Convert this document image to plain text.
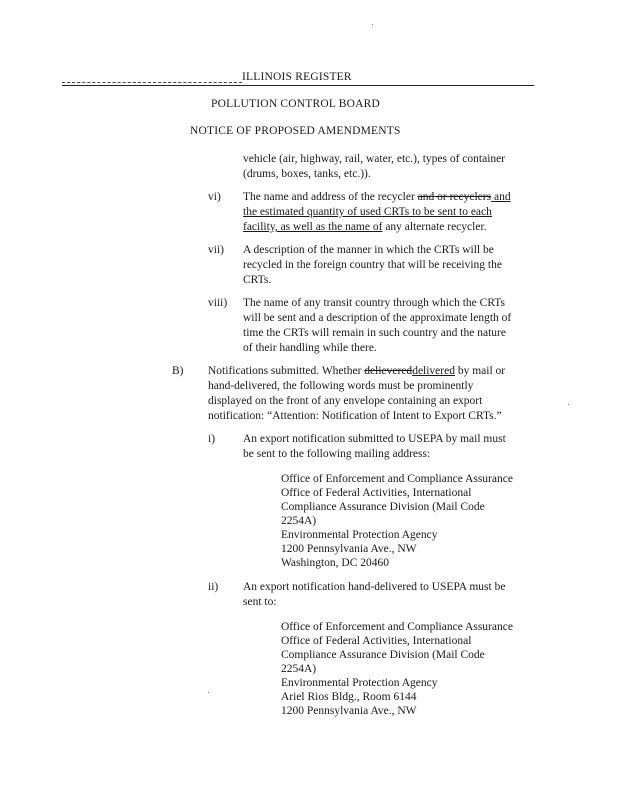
ILLINOIS REGISTER
POLLUTION CONTROL BOARD
NOTICE OF PROPOSED AMENDMENTS
vehicle (air, highway, rail, water, etc.), types of container
(drums, boxes, tanks, etc.)).
vi) The name and address of the recycler and or recyclers and
the estimated quantity of used CRTs to be sent to each
facility, as well as the name of any alternate recycler.
vii) A description of the manner in which the CRTs will be
recycled in the foreign country that will be receiving the
CRTs.
viii) The name of any transit country through which the CRTs
will be sent and a description of the approximate length of
time the CRTs will remain in such country and the nature
of their handling while there.
B) Notifications submitted. Whether delievereddelivered by mail or
hand-delivered, the following words must be prominently
displayed on the front of any envelope containing an export
notification: “Attention: Notification of Intent to Export CRTs.”
i) An export notification submitted to USEPA by mail must
be sent to the following mailing address:
Office of Enforcement and Compliance Assurance
Office of Federal Activities, International
Compliance Assurance Division (Mail Code
2254A)
Environmental Protection Agency
1200 Pennsylvania Ave., NW
Washington, DC 20460
ii) An export notification hand-delivered to USEPA must be
sent to:
Office of Enforcement and Compliance Assurance
Office of Federal Activities, International
Compliance Assurance Division (Mail Code
2254A)
Environmental Protection Agency
Ariel Rios Bldg., Room 6144
1200 Pennsylvania Ave., NW
